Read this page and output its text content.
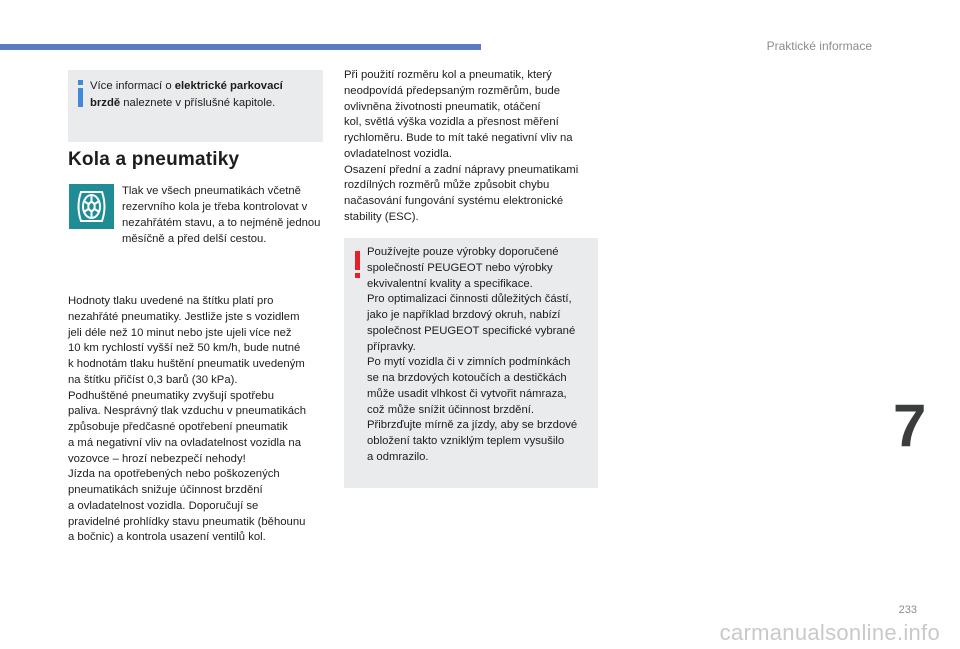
Praktické informace
Více informací o elektrické parkovací brzdě naleznete v příslušné kapitole.
Kola a pneumatiky

Tlak ve všech pneumatikách včetně rezervního kola je třeba kontrolovat v nezahřátém stavu, a to nejméně jednou měsíčně a před delší cestou.

Hodnoty tlaku uvedené na štítku platí pro
nezahřáté pneumatiky. Jestliže jste s vozidlem
jeli déle než 10 minut nebo jste ujeli více než
10 km rychlostí vyšší než 50 km/h, bude nutné
k hodnotám tlaku huštění pneumatik uvedeným
na štítku přičíst 0,3 barů (30 kPa).
Podhuštěné pneumatiky zvyšují spotřebu
paliva. Nesprávný tlak vzduchu v pneumatikách
způsobuje předčasné opotřebení pneumatik
a má negativní vliv na ovladatelnost vozidla na
vozovce – hrozí nebezpečí nehody!
Jízda na opotřebených nebo poškozených
pneumatikách snižuje účinnost brzdění
a ovladatelnost vozidla. Doporučují se
pravidelné prohlídky stavu pneumatik (běhounu
a bočnic) a kontrola usazení ventilů kol.
Při použití rozměru kol a pneumatik, který
neodpovídá předepsaným rozměrům, bude
ovlivněna životnosti pneumatik, otáčení
kol, světlá výška vozidla a přesnost měření
rychloměru. Bude to mít také negativní vliv na
ovladatelnost vozidla.
Osazení přední a zadní nápravy pneumatikami
rozdílných rozměrů může způsobit chybu
načasování fungování systému elektronické
stability (ESC).
Používejte pouze výrobky doporučené
společností PEUGEOT nebo výrobky
ekvivalentní kvality a specifikace.
Pro optimalizaci činnosti důležitých částí,
jako je například brzdový okruh, nabízí
společnost PEUGEOT specifické vybrané
přípravky.
Po mytí vozidla či v zimních podmínkách
se na brzdových kotoučích a destičkách
může usadit vlhkost či vytvořit námraza,
což může snížit účinnost brzdění.
Přibrzďujte mírně za jízdy, aby se brzdové
obložení takto vzniklým teplem vysušilo
a odmrazilo.	7
233
carmanualsonline.info
